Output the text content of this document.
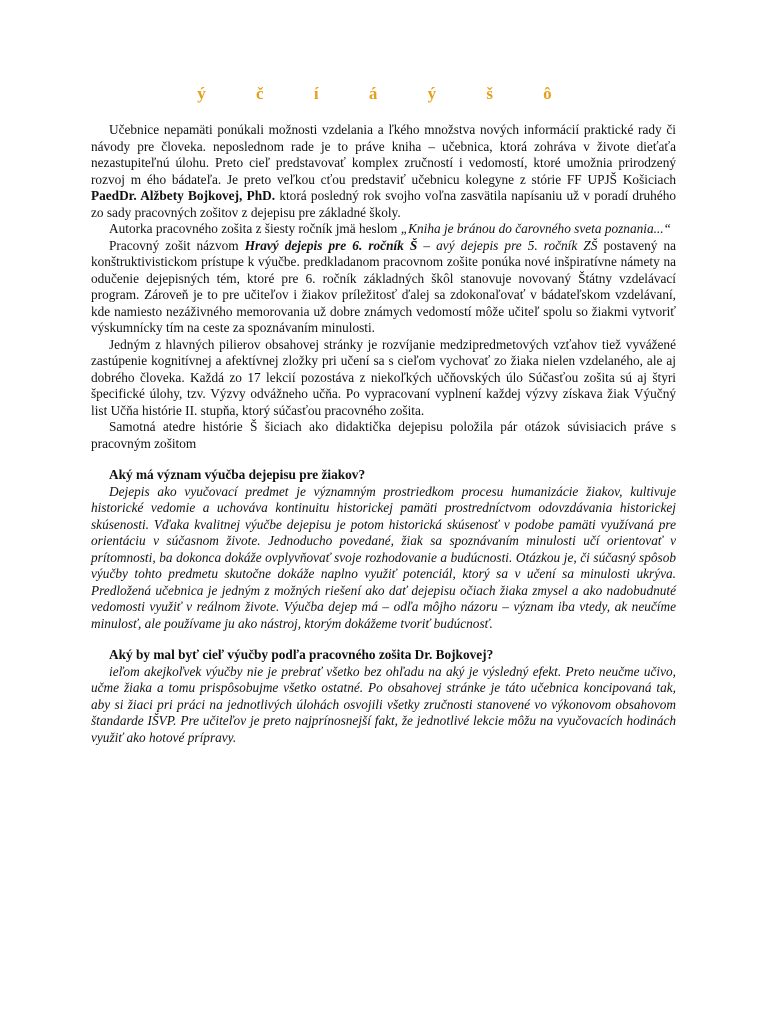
ý č í á ý š ô

Učebnice nepamäti ponúkali možnosti vzdelania a ľkého množstva nových informácií praktické rady či návody pre človeka. neposlednom rade je to práve kniha – učebnica, ktorá zohráva v živote dieťaťa nezastupiteľnú úlohu. Preto cieľ predstavovať komplex zručností i vedomostí, ktoré umožnia prirodzený rozvoj m ého bádateľa. Je preto veľkou cťou predstaviť učebnicu kolegyne z stórie FF UPJŠ Košiciach PaedDr. Alžbety Bojkovej, PhD. ktorá posledný rok svojho voľna zasvätila napísaniu už v poradí druhého zo sady pracovných zošitov z dejepisu pre základné školy.

Autorka pracovného zošita z šiesty ročník jmä heslom „Kniha je bránou do čarovného sveta poznania...“

Pracovný zošit názvom Hravý dejepis pre 6. ročník Š – avý dejepis pre 5. ročník ZŠ postavený na konštruktivistickom prístupe k výučbe. predkladanom pracovnom zošite ponúka nové inšpiratívne námety na odučenie dejepisných tém, ktoré pre 6. ročník základných škôl stanovuje novovaný Štátny vzdelávací program. Zároveň je to pre učiteľov i žiakov príležitosť ďalej sa zdokonaľovať v bádateľskom vzdelávaní, kde namiesto nezáživného memorovania už dobre známych vedomostí môže učiteľ spolu so žiakmi vytvoriť výskumnícky tím na ceste za spoznávaním minulosti.

Jedným z hlavných pilierov obsahovej stránky je rozvíjanie medzipredmetových vzťahov tiež vyvážené zastúpenie kognitívnej a afektívnej zložky pri učení sa s cieľom vychovať zo žiaka nielen vzdelaného, ale aj dobrého človeka. Každá zo 17 lekcií pozostáva z niekoľkých učňovských úlo Súčasťou zošita sú aj štyri špecifické úlohy, tzv. Výzvy odvážneho učňa. Po vypracovaní vyplnení každej výzvy získava žiak Výučný list Učňa histórie II. stupňa, ktorý súčasťou pracovného zošita.

Samotná atedre histórie Š šiciach ako didaktička dejepisu položila pár otázok súvisiacich práve s pracovným zošitom

Aký má význam výučba dejepisu pre žiakov?

Dejepis ako vyučovací predmet je významným prostriedkom procesu humanizácie žiakov, kultivuje historické vedomie a uchováva kontinuitu historickej pamäti prostredníctvom odovzdávania historickej skúsenosti. Vďaka kvalitnej výučbe dejepisu je potom historická skúsenosť v podobe pamäti využívaná pre orientáciu v súčasnom živote. Jednoducho povedané, žiak sa spoznávaním minulosti učí orientovať v prítomnosti, ba dokonca dokáže ovplyvňovať svoje rozhodovanie a budúcnosti. Otázkou je, či súčasný spôsob výučby tohto predmetu skutočne dokáže naplno využiť potenciál, ktorý sa v učení sa minulosti ukrýva. Predložená učebnica je jedným z možných riešení ako dať dejepisu očiach žiaka zmysel a ako nadobudnuté vedomosti využiť v reálnom živote. Výučba dejep má – odľa môjho názoru – význam iba vtedy, ak neučíme minulosť, ale používame ju ako nástroj, ktorým dokážeme tvoriť budúcnosť.

Aký by mal byť cieľ výučby podľa pracovného zošita Dr. Bojkovej?

ieľom akejkoľvek výučby nie je prebrať všetko bez ohľadu na aký je výsledný efekt. Preto neučme učivo, učme žiaka a tomu prispôsobujme všetko ostatné. Po obsahovej stránke je táto učebnica koncipovaná tak, aby si žiaci pri práci na jednotlivých úlohách osvojili všetky zručnosti stanovené vo výkonovom obsahovom štandarde IŠVP. Pre učiteľov je preto najprínosnejší fakt, že jednotlivé lekcie môžu na vyučovacích hodinách využiť ako hotové prípravy.
